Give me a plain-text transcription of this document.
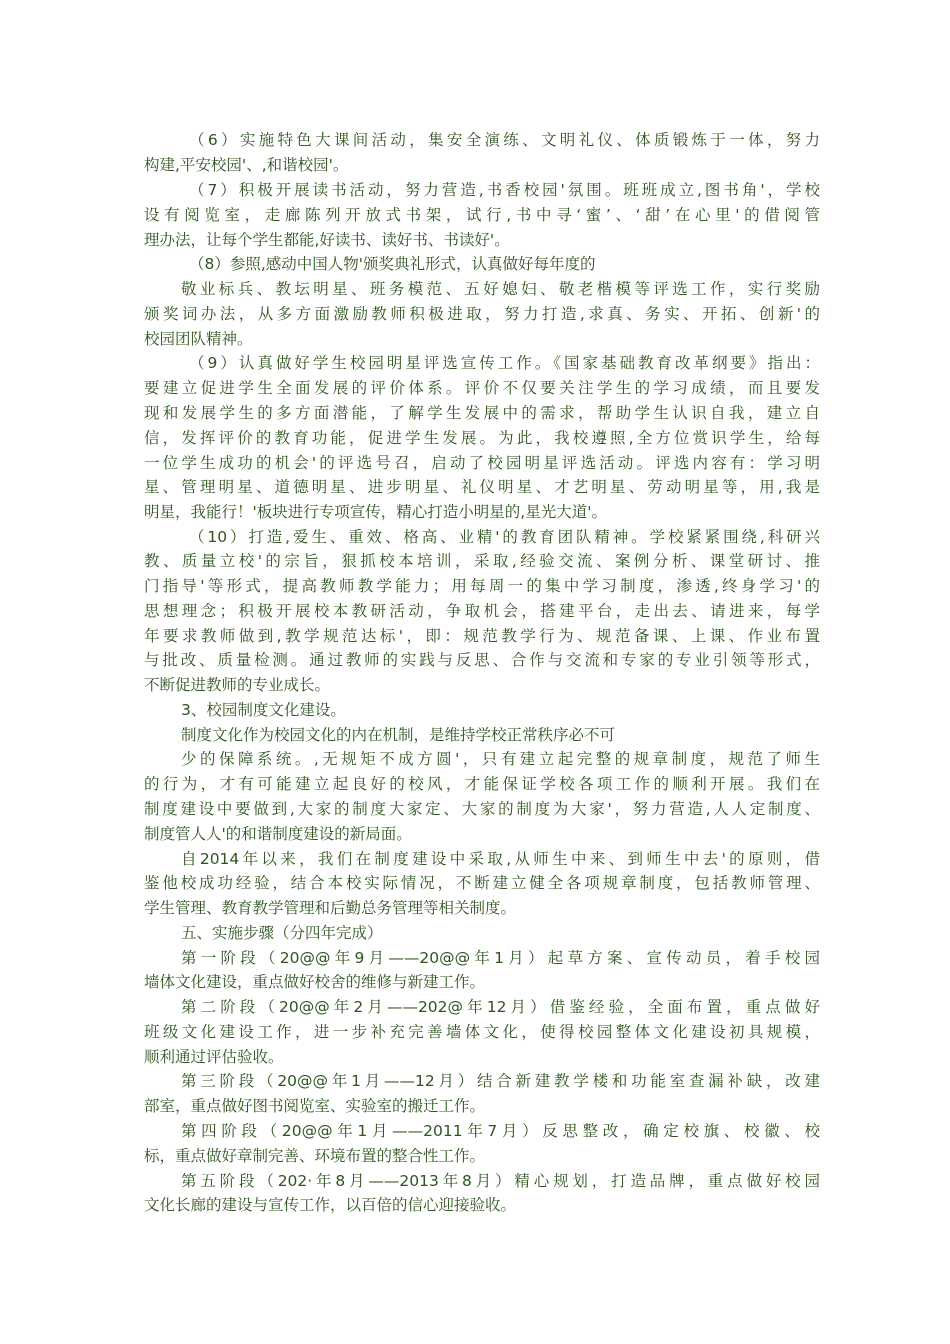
（6）实施特色大课间活动，集安全演练、文明礼仪、体质锻炼于一体，努力
构建,平安校园'、,和谐校园'。
（7）积极开展读书活动，努力营造,书香校园'氛围。班班成立,图书角'，学校
设有阅览室，走廊陈列开放式书架，试行,书中寻‘蜜’、‘甜’在心里'的借阅管
理办法，让每个学生都能,好读书、读好书、书读好'。
（8）参照,感动中国人物'颁奖典礼形式，认真做好每年度的
敬业标兵、教坛明星、班务模范、五好媳妇、敬老楷模等评选工作，实行奖励
颁奖词办法，从多方面激励教师积极进取，努力打造,求真、务实、开拓、创新'的
校园团队精神。
（9）认真做好学生校园明星评选宣传工作。《国家基础教育改革纲要》指出：
要建立促进学生全面发展的评价体系。评价不仅要关注学生的学习成绩，而且要发
现和发展学生的多方面潜能，了解学生发展中的需求，帮助学生认识自我，建立自
信，发挥评价的教育功能，促进学生发展。为此，我校遵照,全方位赏识学生，给每
一位学生成功的机会'的评选号召，启动了校园明星评选活动。评选内容有：学习明
星、管理明星、道德明星、进步明星、礼仪明星、才艺明星、劳动明星等，用,我是
明星，我能行！'板块进行专项宣传，精心打造小明星的,星光大道'。
（10）打造,爱生、重效、格高、业精'的教育团队精神。学校紧紧围绕,科研兴
教、质量立校'的宗旨，狠抓校本培训，采取,经验交流、案例分析、课堂研讨、推
门指导'等形式，提高教师教学能力；用每周一的集中学习制度，渗透,终身学习'的
思想理念；积极开展校本教研活动，争取机会，搭建平台，走出去、请进来，每学
年要求教师做到,教学规范达标'，即：规范教学行为、规范备课、上课、作业布置
与批改、质量检测。通过教师的实践与反思、合作与交流和专家的专业引领等形式，
不断促进教师的专业成长。
3、校园制度文化建设。
制度文化作为校园文化的内在机制，是维持学校正常秩序必不可
少的保障系统。,无规矩不成方圆'，只有建立起完整的规章制度，规范了师生
的行为，才有可能建立起良好的校风，才能保证学校各项工作的顺利开展。我们在
制度建设中要做到,大家的制度大家定、大家的制度为大家'，努力营造,人人定制度、
制度管人人'的和谐制度建设的新局面。
自2014年以来，我们在制度建设中采取,从师生中来、到师生中去'的原则，借
鉴他校成功经验，结合本校实际情况，不断建立健全各项规章制度，包括教师管理、
学生管理、教育教学管理和后勤总务管理等相关制度。
五、实施步骤（分四年完成）
第一阶段（20@@年9月——20@@年1月）起草方案、宣传动员，着手校园
墙体文化建设，重点做好校舍的维修与新建工作。
第二阶段（20@@年2月——202@年12月）借鉴经验，全面布置，重点做好
班级文化建设工作，进一步补充完善墙体文化，使得校园整体文化建设初具规模，
顺利通过评估验收。
第三阶段（20@@年1月——12月）结合新建教学楼和功能室查漏补缺，改建
部室，重点做好图书阅览室、实验室的搬迁工作。
第四阶段（20@@年1月——2011年7月）反思整改，确定校旗、校徽、校
标，重点做好章制完善、环境布置的整合性工作。
第五阶段（202·年8月——2013年8月）精心规划，打造品牌，重点做好校园
文化长廊的建设与宣传工作，以百倍的信心迎接验收。
